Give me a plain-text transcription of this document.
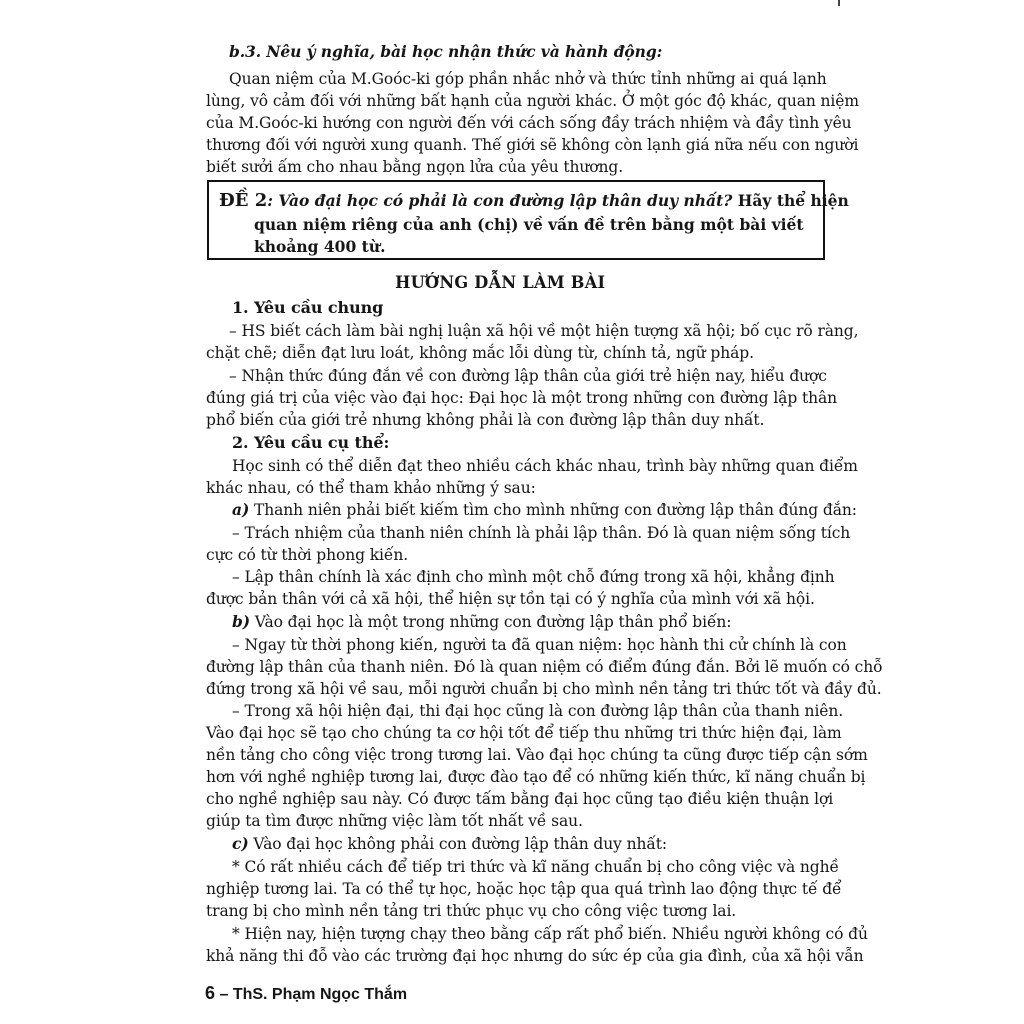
b.3. Nêu ý nghĩa, bài học nhận thức và hành động:
Quan niệm của M.Goóc-ki góp phần nhắc nhở và thức tỉnh những ai quá lạnh
lùng, vô cảm đối với những bất hạnh của người khác. Ở một góc độ khác, quan niệm
của M.Goóc-ki hướng con người đến với cách sống đầy trách nhiệm và đầy tình yêu
thương đối với người xung quanh. Thế giới sẽ không còn lạnh giá nữa nếu con người
biết sưởi ấm cho nhau bằng ngọn lửa của yêu thương.
ĐỀ 2: Vào đại học có phải là con đường lập thân duy nhất? Hãy thể hiện
quan niệm riêng của anh (chị) về vấn đề trên bằng một bài viết
khoảng 400 từ.
HƯỚNG DẪN LÀM BÀI
1. Yêu cầu chung
– HS biết cách làm bài nghị luận xã hội về một hiện tượng xã hội; bố cục rõ ràng,
chặt chẽ; diễn đạt lưu loát, không mắc lỗi dùng từ, chính tả, ngữ pháp.
– Nhận thức đúng đắn về con đường lập thân của giới trẻ hiện nay, hiểu được
đúng giá trị của việc vào đại học: Đại học là một trong những con đường lập thân
phổ biến của giới trẻ nhưng không phải là con đường lập thân duy nhất.
2. Yêu cầu cụ thể:
Học sinh có thể diễn đạt theo nhiều cách khác nhau, trình bày những quan điểm
khác nhau, có thể tham khảo những ý sau:
a) Thanh niên phải biết kiếm tìm cho mình những con đường lập thân đúng đắn:
– Trách nhiệm của thanh niên chính là phải lập thân. Đó là quan niệm sống tích
cực có từ thời phong kiến.
– Lập thân chính là xác định cho mình một chỗ đứng trong xã hội, khẳng định
được bản thân với cả xã hội, thể hiện sự tồn tại có ý nghĩa của mình với xã hội.
b) Vào đại học là một trong những con đường lập thân phổ biến:
– Ngay từ thời phong kiến, người ta đã quan niệm: học hành thi cử chính là con
đường lập thân của thanh niên. Đó là quan niệm có điểm đúng đắn. Bởi lẽ muốn có chỗ
đứng trong xã hội về sau, mỗi người chuẩn bị cho mình nền tảng tri thức tốt và đầy đủ.
– Trong xã hội hiện đại, thi đại học cũng là con đường lập thân của thanh niên.
Vào đại học sẽ tạo cho chúng ta cơ hội tốt để tiếp thu những tri thức hiện đại, làm
nền tảng cho công việc trong tương lai. Vào đại học chúng ta cũng được tiếp cận sớm
hơn với nghề nghiệp tương lai, được đào tạo để có những kiến thức, kĩ năng chuẩn bị
cho nghề nghiệp sau này. Có được tấm bằng đại học cũng tạo điều kiện thuận lợi
giúp ta tìm được những việc làm tốt nhất về sau.
c) Vào đại học không phải con đường lập thân duy nhất:
* Có rất nhiều cách để tiếp tri thức và kĩ năng chuẩn bị cho công việc và nghề
nghiệp tương lai. Ta có thể tự học, hoặc học tập qua quá trình lao động thực tế để
trang bị cho mình nền tảng tri thức phục vụ cho công việc tương lai.
* Hiện nay, hiện tượng chạy theo bằng cấp rất phổ biến. Nhiều người không có đủ
khả năng thi đỗ vào các trường đại học nhưng do sức ép của gia đình, của xã hội vẫn
6 – ThS. Phạm Ngọc Thắm
